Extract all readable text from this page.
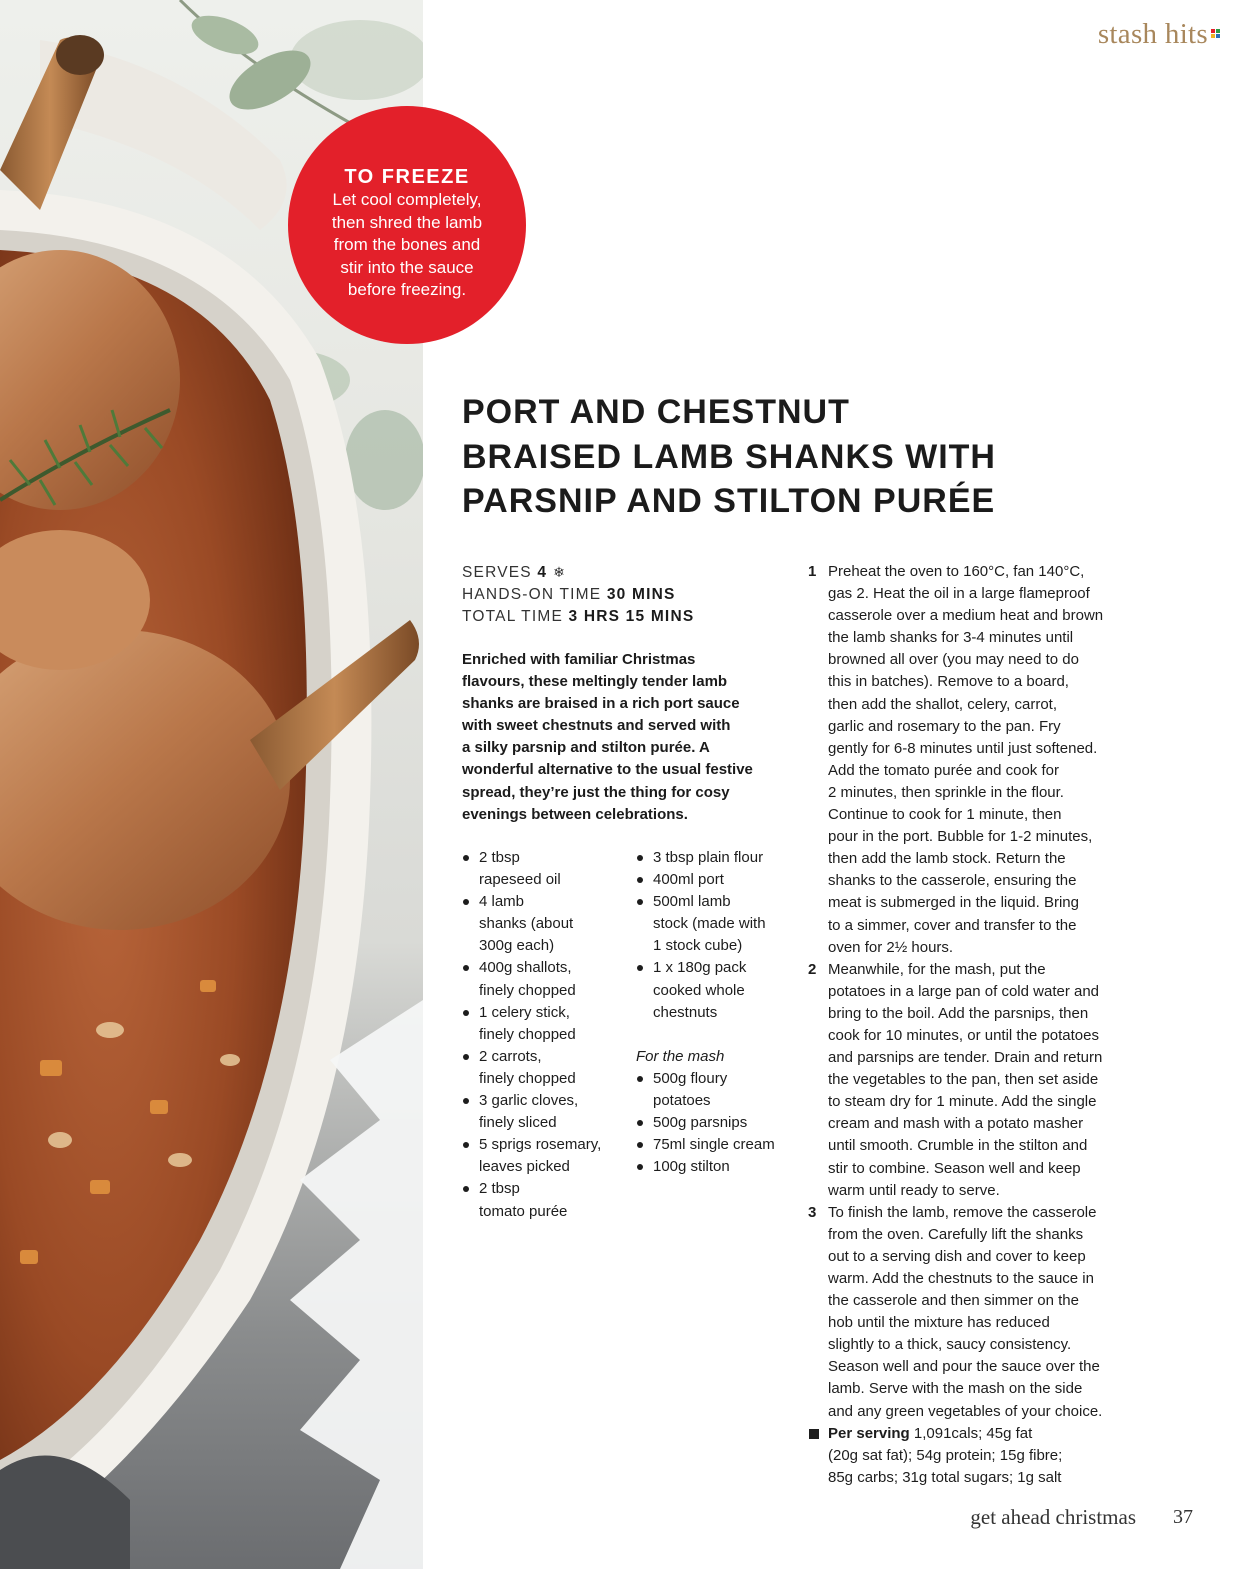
TO FREEZE
Let cool completely,
then shred the lamb
from the bones and
stir into the sauce
before freezing.
stash hits
PORT AND CHESTNUT
BRAISED LAMB SHANKS WITH
PARSNIP AND STILTON PURÉE
SERVES 4 ❄
HANDS-ON TIME 30 MINS
TOTAL TIME 3 HRS 15 MINS
Enriched with familiar Christmas
flavours, these meltingly tender lamb
shanks are braised in a rich port sauce
with sweet chestnuts and served with
a silky parsnip and stilton purée. A
wonderful alternative to the usual festive
spread, they’re just the thing for cosy
evenings between celebrations.
2 tbsp
rapeseed oil
4 lamb
shanks (about
300g each)
400g shallots,
finely chopped
1 celery stick,
finely chopped
2 carrots,
finely chopped
3 garlic cloves,
finely sliced
5 sprigs rosemary,
leaves picked
2 tbsp
tomato purée
3 tbsp plain flour
400ml port
500ml lamb
stock (made with
1 stock cube)
1 x 180g pack
cooked whole
chestnuts
For the mash
500g floury
potatoes
500g parsnips
75ml single cream
100g stilton
1 Preheat the oven to 160°C, fan 140°C,
gas 2. Heat the oil in a large flameproof
casserole over a medium heat and brown
the lamb shanks for 3-4 minutes until
browned all over (you may need to do
this in batches). Remove to a board,
then add the shallot, celery, carrot,
garlic and rosemary to the pan. Fry
gently for 6-8 minutes until just softened.
Add the tomato purée and cook for
2 minutes, then sprinkle in the flour.
Continue to cook for 1 minute, then
pour in the port. Bubble for 1-2 minutes,
then add the lamb stock. Return the
shanks to the casserole, ensuring the
meat is submerged in the liquid. Bring
to a simmer, cover and transfer to the
oven for 2½ hours.
2 Meanwhile, for the mash, put the
potatoes in a large pan of cold water and
bring to the boil. Add the parsnips, then
cook for 10 minutes, or until the potatoes
and parsnips are tender. Drain and return
the vegetables to the pan, then set aside
to steam dry for 1 minute. Add the single
cream and mash with a potato masher
until smooth. Crumble in the stilton and
stir to combine. Season well and keep
warm until ready to serve.
3 To finish the lamb, remove the casserole
from the oven. Carefully lift the shanks
out to a serving dish and cover to keep
warm. Add the chestnuts to the sauce in
the casserole and then simmer on the
hob until the mixture has reduced
slightly to a thick, saucy consistency.
Season well and pour the sauce over the
lamb. Serve with the mash on the side
and any green vegetables of your choice.
Per serving 1,091cals; 45g fat
(20g sat fat); 54g protein; 15g fibre;
85g carbs; 31g total sugars; 1g salt
get ahead christmas 37
